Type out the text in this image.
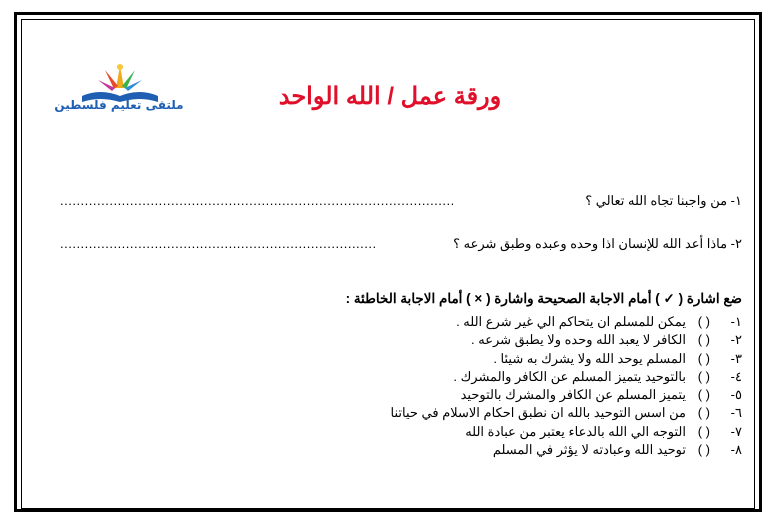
ملتقى تعليم فلسطين	ورقة عمل / الله الواحد
١- من واجبنا تجاه الله تعالي ؟
................................................................................................
٢- ماذا أعد الله للإنسان اذا وحده وعبده وطبق شرعه ؟
.............................................................................
ضع اشارة ( ✓ ) أمام الاجابة الصحيحة واشارة ( × ) أمام الاجابة الخاطئة :
١-( )يمكن للمسلم ان يتحاكم الي غير شرع الله .
٢-( )الكافر لا يعبد الله وحده ولا يطبق شرعه .
٣-( )المسلم يوحد الله ولا يشرك به شيئا .
٤-( )بالتوحيد يتميز المسلم عن الكافر والمشرك .
٥-( )يتميز المسلم عن الكافر والمشرك بالتوحيد
٦-( )من اسس التوحيد بالله ان نطبق احكام الاسلام في حياتنا
٧-( )التوجه الي الله بالدعاء يعتبر من عبادة الله
٨-( )توحيد الله وعبادته لا يؤثر في المسلم
